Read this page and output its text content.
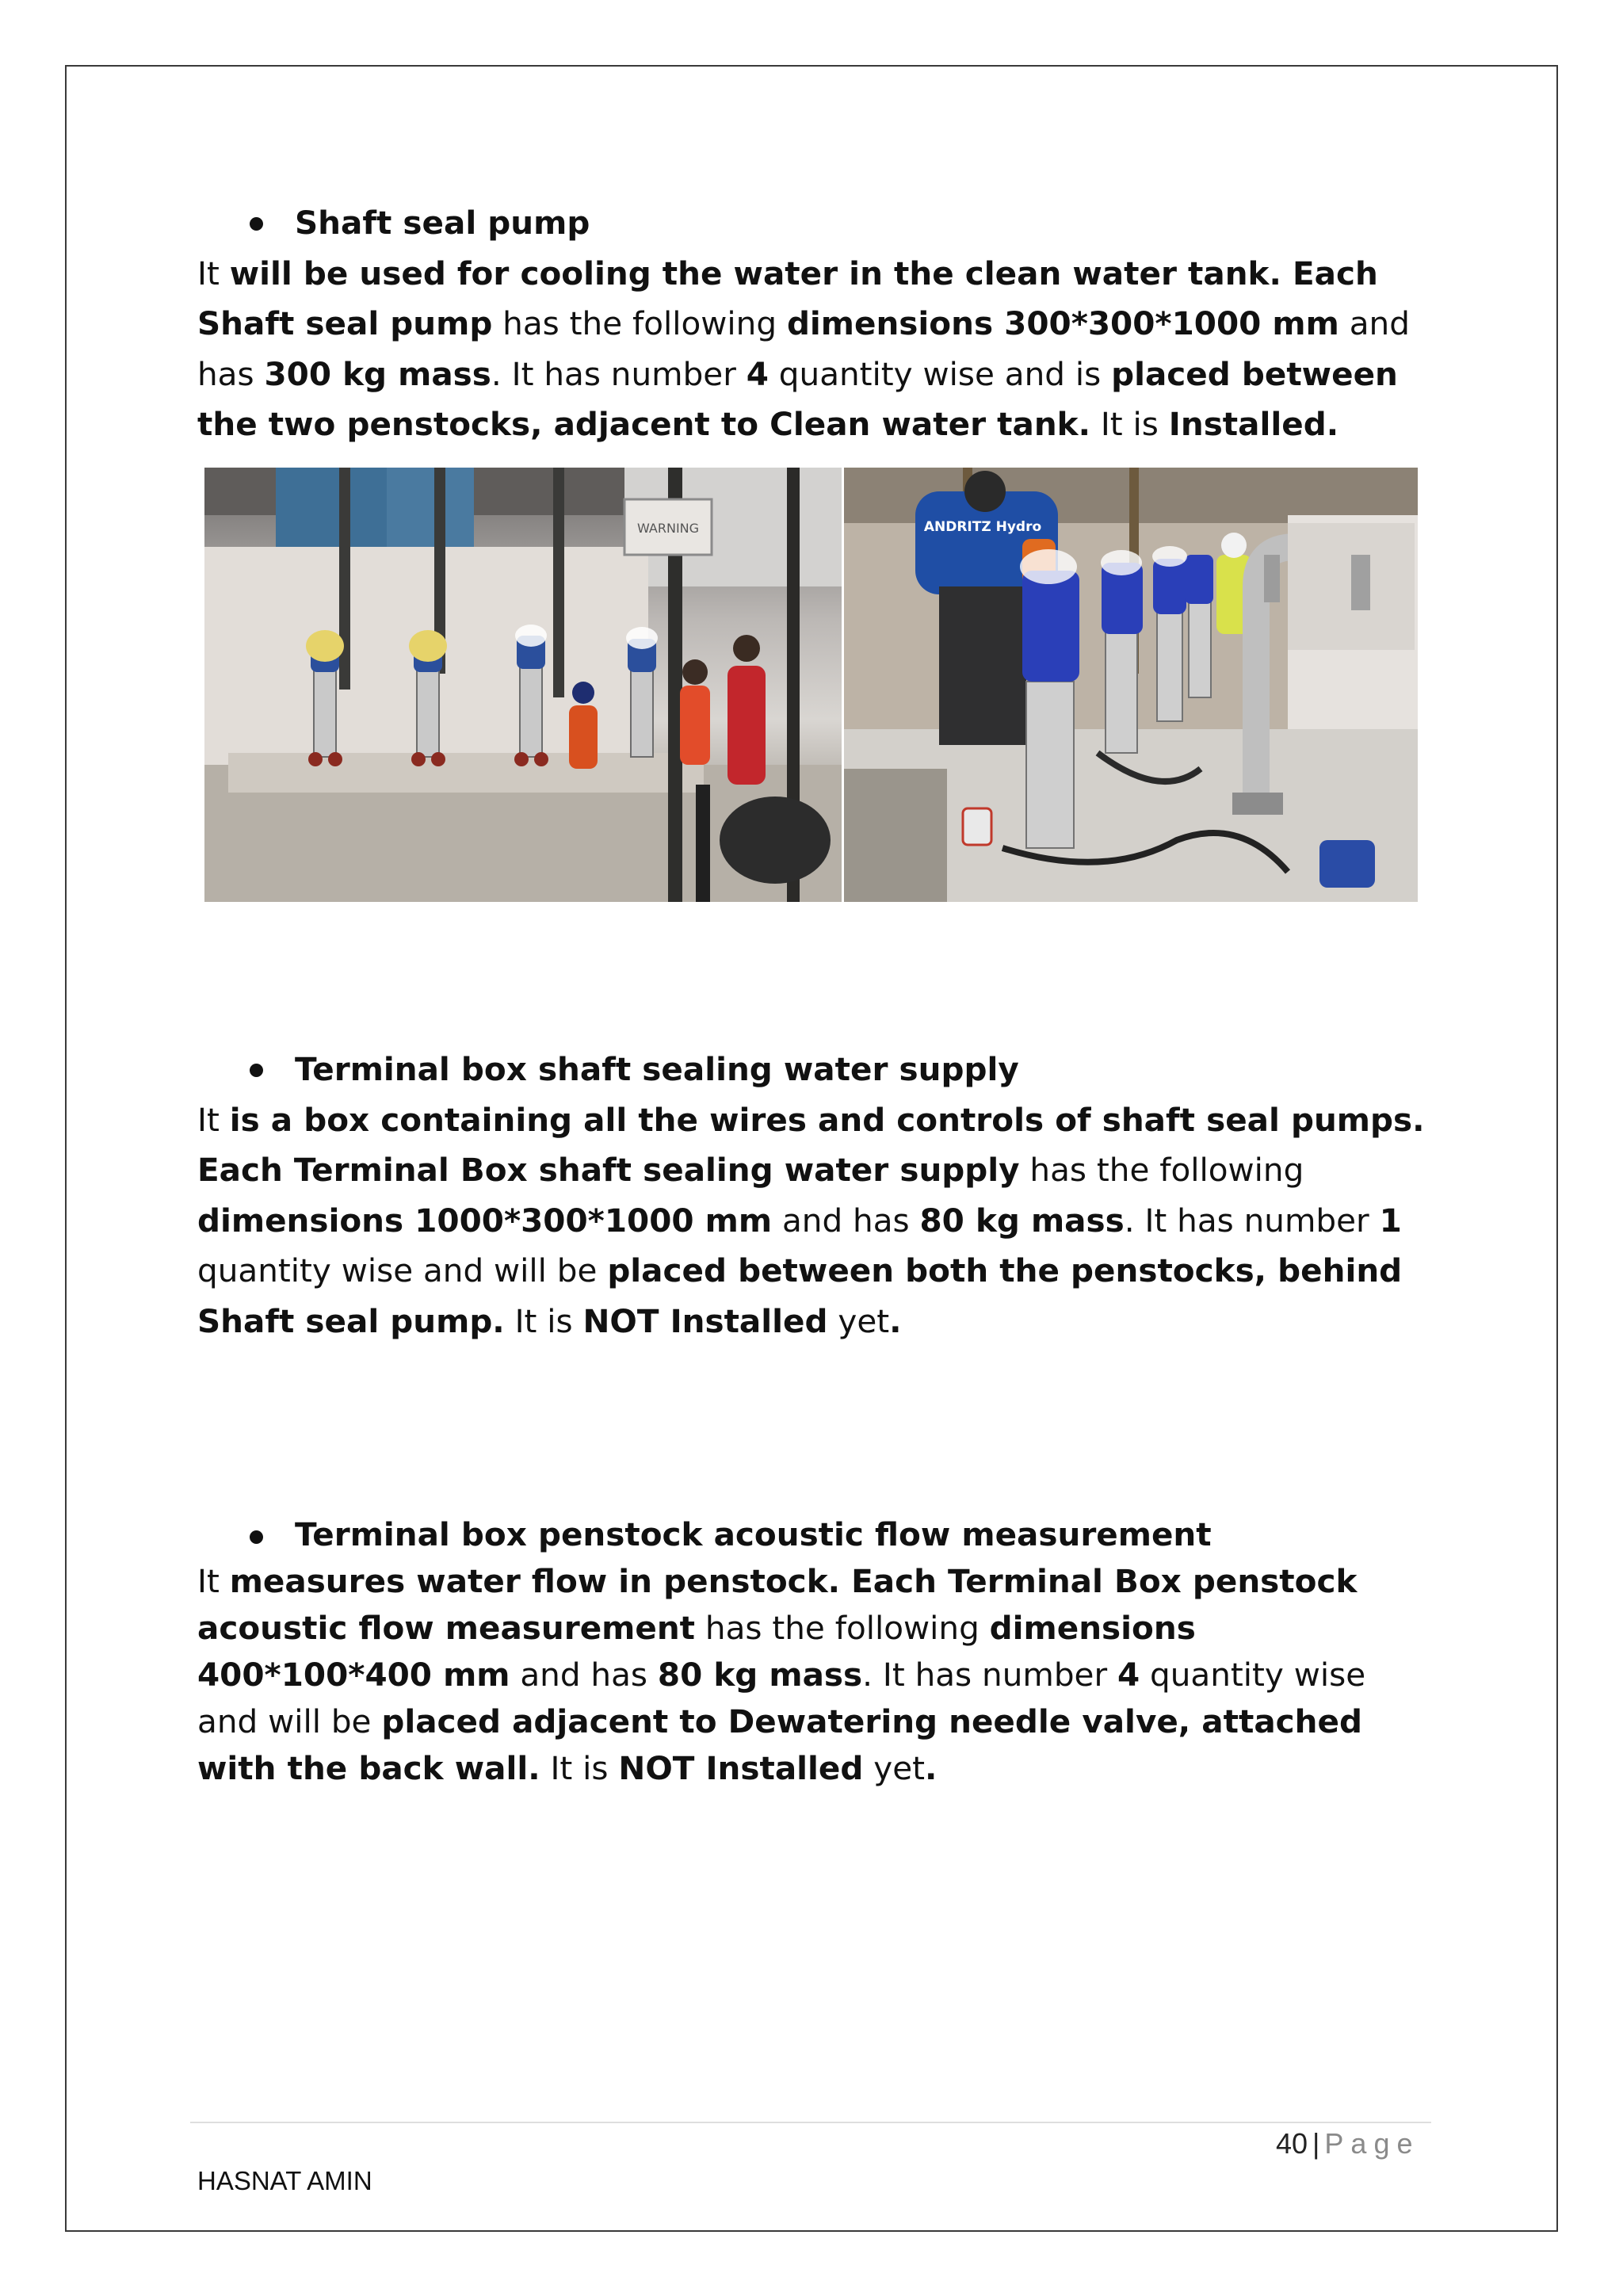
Shaft seal pump

It will be used for cooling the water in the clean water tank. Each Shaft seal pump has the following dimensions 300*300*1000 mm and has 300 kg mass. It has number 4 quantity wise and is placed between the two penstocks, adjacent to Clean water tank. It is Installed.

WARNING	ANDRITZ Hydro
Terminal box shaft sealing water supply

It is a box containing all the wires and controls of shaft seal pumps. Each Terminal Box shaft sealing water supply has the following dimensions 1000*300*1000 mm and has 80 kg mass. It has number 1 quantity wise and will be placed between both the penstocks, behind Shaft seal pump. It is NOT Installed yet.

Terminal box penstock acoustic flow measurement

It measures water flow in penstock. Each Terminal Box penstock acoustic flow measurement has the following dimensions 400*100*400 mm and has 80 kg mass. It has number 4 quantity wise and will be placed adjacent to Dewatering needle valve, attached with the back wall. It is NOT Installed yet.

40 | Page
HASNAT AMIN
